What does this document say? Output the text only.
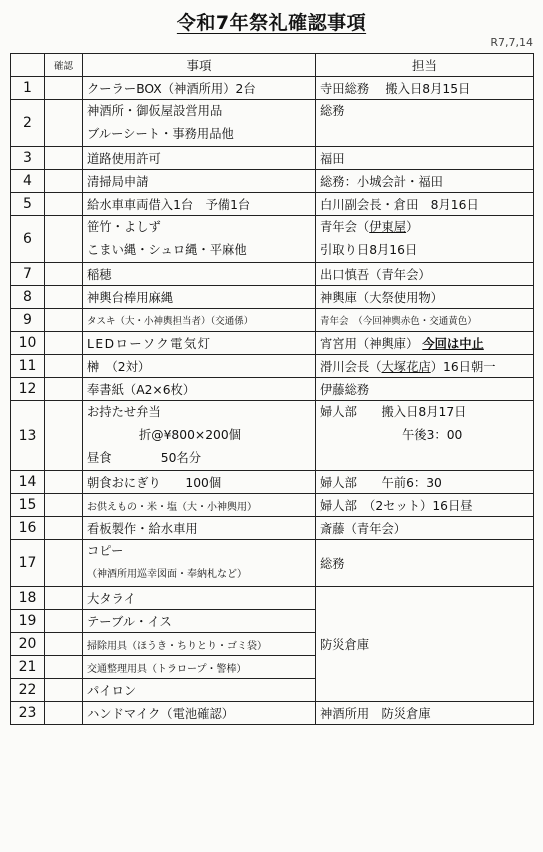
令和7年祭礼確認事項
R7,7,14
	確認	事項	担当
1		クーラーBOX（神酒所用）2台	寺田総務　 搬入日8月15日
2		神酒所・御仮屋設営用品
ブルーシート・事務用品他	総務

3		道路使用許可	福田
4		清掃局申請	総務：小城会計・福田
5		給水車車両借入1台　予備1台	白川副会長・倉田　8月16日
6		笹竹・よしず
こまい縄・シュロ縄・平麻他	青年会（伊東屋）
引取り日8月16日

7		稲穂	出口慎吾（青年会）
8		神輿台棒用麻縄	神輿庫（大祭使用物）
9		タスキ（大・小神輿担当者）（交通係）	青年会　（今回神輿赤色・交通黄色）
10		LEDローソク電気灯	宵宮用（神輿庫） 今回は中止
11		榊　（2対）	滑川会長（大塚花店）16日朝一
12		奉書紙（A2×6枚）	伊藤総務
13		お持たせ弁当
折@¥800×200個
昼食　　　　50名分	婦人部　　搬入日8月17日
午後3：00

14		朝食おにぎり　　100個	婦人部　　午前6：30
15		お供えもの・米・塩（大・小神輿用）	婦人部　（2セット）16日昼
16		看板製作・給水車用	斎藤（青年会）
17		コピー
（神酒所用巡幸図面・奉納札など）	総務
18		大タライ	防災倉庫
19		テーブル・イス	
20		掃除用具（ほうき・ちりとり・ゴミ袋）	
21		交通整理用具（トラロープ・警棒）	
22		パイロン	
23		ハンドマイク（電池確認）	神酒所用　防災倉庫
